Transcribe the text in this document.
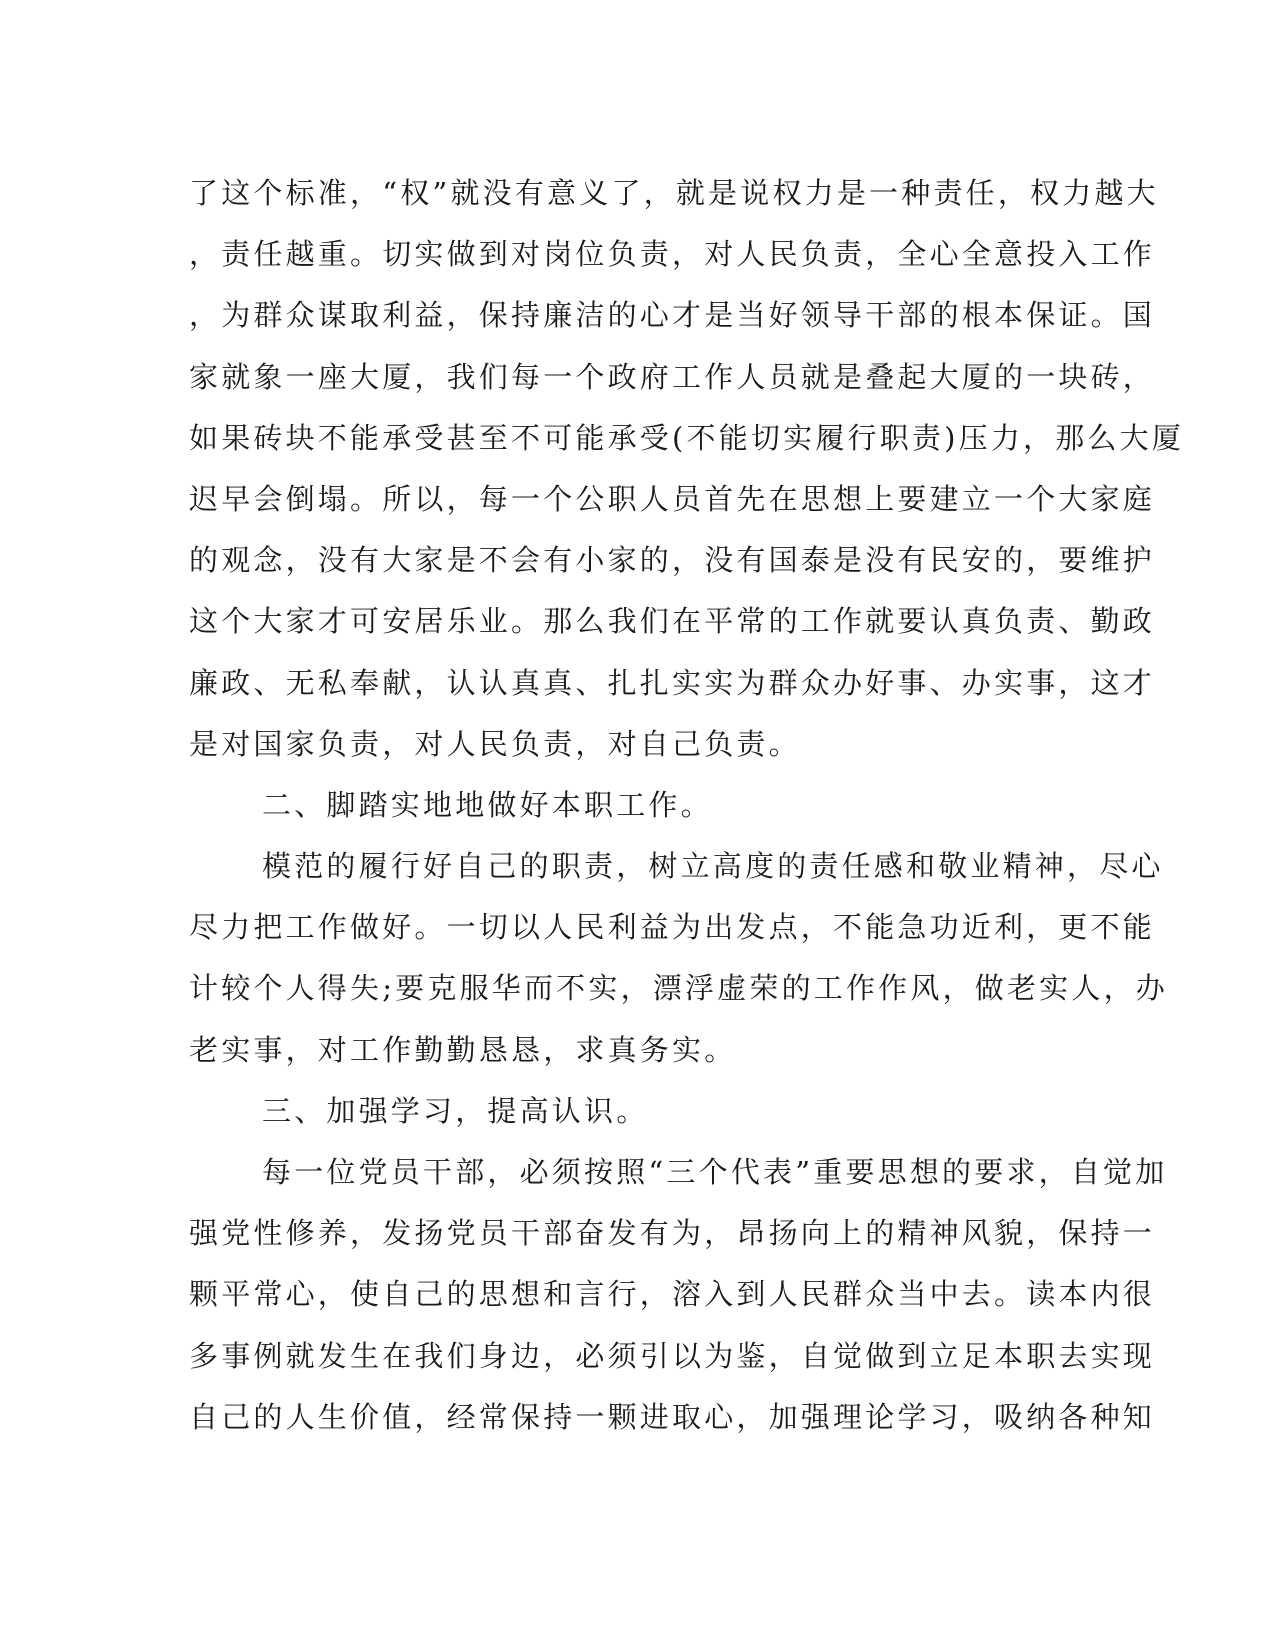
了这个标准，“权”就没有意义了，就是说权力是一种责任，权力越大
，责任越重。切实做到对岗位负责，对人民负责，全心全意投入工作
，为群众谋取利益，保持廉洁的心才是当好领导干部的根本保证。国
家就象一座大厦，我们每一个政府工作人员就是叠起大厦的一块砖，
如果砖块不能承受甚至不可能承受(不能切实履行职责)压力，那么大厦
迟早会倒塌。所以，每一个公职人员首先在思想上要建立一个大家庭
的观念，没有大家是不会有小家的，没有国泰是没有民安的，要维护
这个大家才可安居乐业。那么我们在平常的工作就要认真负责、勤政
廉政、无私奉献，认认真真、扎扎实实为群众办好事、办实事，这才
是对国家负责，对人民负责，对自己负责。
二、脚踏实地地做好本职工作。
模范的履行好自己的职责，树立高度的责任感和敬业精神，尽心
尽力把工作做好。一切以人民利益为出发点，不能急功近利，更不能
计较个人得失;要克服华而不实，漂浮虚荣的工作作风，做老实人，办
老实事，对工作勤勤恳恳，求真务实。
三、加强学习，提高认识。
每一位党员干部，必须按照“三个代表”重要思想的要求，自觉加
强党性修养，发扬党员干部奋发有为，昂扬向上的精神风貌，保持一
颗平常心，使自己的思想和言行，溶入到人民群众当中去。读本内很
多事例就发生在我们身边，必须引以为鉴，自觉做到立足本职去实现
自己的人生价值，经常保持一颗进取心，加强理论学习，吸纳各种知
